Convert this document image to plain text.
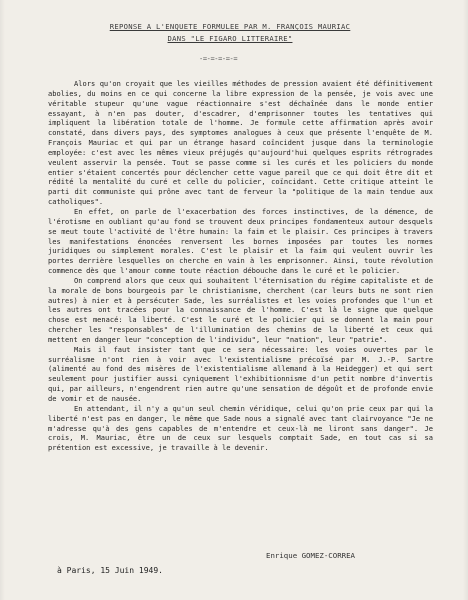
REPONSE A L'ENQUETE FORMULEE PAR M. FRANÇOIS MAURIAC
DANS "LE FIGARO LITTERAIRE"
-=-=-=-=-=

Alors qu'on croyait que les vieilles méthodes de pression avaient été définitivement abolies, du moins en ce qui concerne la libre expression de la pensée, je vois avec une véritable stupeur qu'une vague réactionnaire s'est déchaînée dans le monde entier essayant, à n'en pas douter, d'escadrer, d'emprisonner toutes les tentatives qui impliquent la libération totale de l'homme. Je formule cette affirmation après avoir constaté, dans divers pays, des symptomes analogues à ceux que présente l'enquête de M. François Mauriac et qui par un étrange hasard coïncident jusque dans la terminologie employée: c'est avec les mêmes vieux préjugés qu'aujourd'hui quelques esprits rétrogrades veulent asservir la pensée. Tout se passe comme si les curés et les policiers du monde entier s'étaient concertés pour déclencher cette vague pareil que ce qui doit être dit et rédité la mentalité du curé et celle du policier, coïncidant. Cette critique atteint le parti dit communiste qui prône avec tant de ferveur la "politique de la main tendue aux catholiques".

En effet, on parle de l'exacerbation des forces instinctives, de la démence, de l'érotisme en oubliant qu'au fond se trouvent deux principes fondamenteux autour desquels se meut toute l'activité de l'être humain: la faim et le plaisir. Ces principes à travers les manifestations énoncées renversent les bornes imposées par toutes les normes juridiques ou simplement morales. C'est le plaisir et la faim qui veulent ouvrir les portes derrière lesquelles on cherche en vain à les emprisonner. Ainsi, toute révolution commence dès que l'amour comme toute réaction débouche dans le curé et le policier.

On comprend alors que ceux qui souhaitent l'éternisation du régime capitaliste et de la morale de bons bourgeois par le christianisme, cherchent (car leurs buts ne sont rien autres) à nier et à persécuter Sade, les surréalistes et les voies profondes que l'un et les autres ont tracées pour la connaissance de l'homme. C'est là le signe que quelque chose est menacé: la liberté. C'est le curé et le policier qui se donnent la main pour chercher les "responsables" de l'illumination des chemins de la liberté et ceux qui mettent en danger leur "conception de l'individu", leur "nation", leur "patrie".

Mais il faut insister tant que ce sera nécessaire: les voies ouvertes par le surréalisme n'ont rien à voir avec l'existentialisme précoïsé par M. J.-P. Sartre (alimenté au fond des misères de l'existentialisme allemand à la Heidegger) et qui sert seulement pour justifier aussi cyniquement l'exhibitionnisme d'un petit nombre d'invertis qui, par ailleurs, n'engendrent rien autre qu'une sensation de dégoût et de profonde envie de vomir et de nausée.

En attendant, il n'y a qu'un seul chemin véridique, celui qu'on prie ceux par qui la liberté n'est pas en danger, le même que Sade nous a signalé avec tant clairvoyance "Je ne m'adresse qu'à des gens capables de m'entendre et ceux-là me liront sans danger". Je crois, M. Mauriac, être un de ceux sur lesquels comptait Sade, en tout cas si sa prétention est excessive, je travaille à le devenir.

Enrique GOMEZ-CORREA
à Paris, 15 Juin 1949.
